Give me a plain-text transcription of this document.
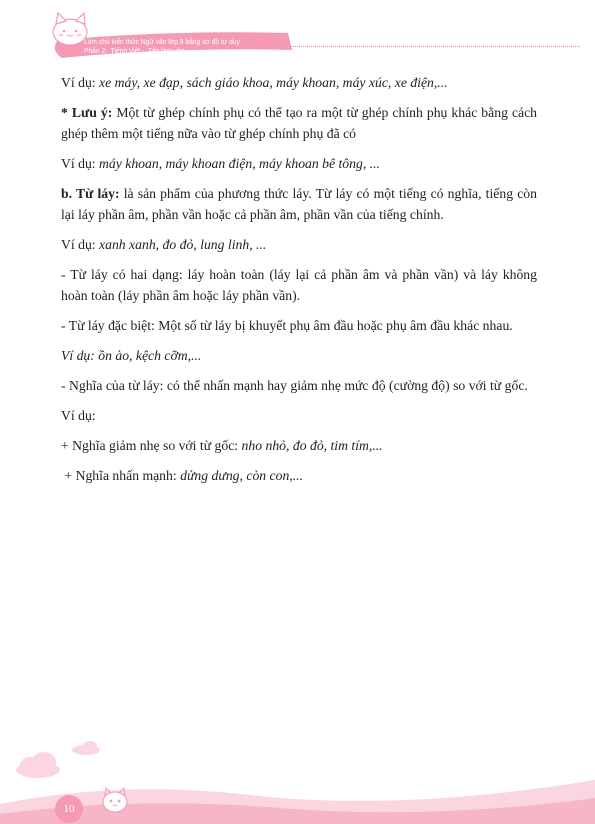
Làm chủ kiến thức Ngữ văn lớp 9 bằng sơ đồ tư duy
Phần 2: Tiếng Việt - Tập làm văn

Ví dụ: xe máy, xe đạp, sách giáo khoa, máy khoan, máy xúc, xe điện,...

* Lưu ý: Một từ ghép chính phụ có thể tạo ra một từ ghép chính phụ khác bằng cách ghép thêm một tiếng nữa vào từ ghép chính phụ đã có

Ví dụ: máy khoan, máy khoan điện, máy khoan bê tông, ...

b. Từ láy: là sản phẩm của phương thức láy. Từ láy có một tiếng có nghĩa, tiếng còn lại láy phần âm, phần vần hoặc cả phần âm, phần vần của tiếng chính.

Ví dụ: xanh xanh, đo đỏ, lung linh, ...

- Từ láy có hai dạng: láy hoàn toàn (láy lại cả phần âm và phần vần) và láy không hoàn toàn (láy phần âm hoặc láy phần vần).

- Từ láy đặc biệt: Một số từ láy bị khuyết phụ âm đầu hoặc phụ âm đầu khác nhau.

Ví dụ: ồn ào, kệch cỡm,...

- Nghĩa của từ láy: có thể nhấn mạnh hay giảm nhẹ mức độ (cường độ) so với từ gốc.

Ví dụ:

+ Nghĩa giảm nhẹ so với từ gốc: nho nhỏ, đo đỏ, tim tím,...

+ Nghĩa nhấn mạnh: dửng dưng, còn con,...

10
